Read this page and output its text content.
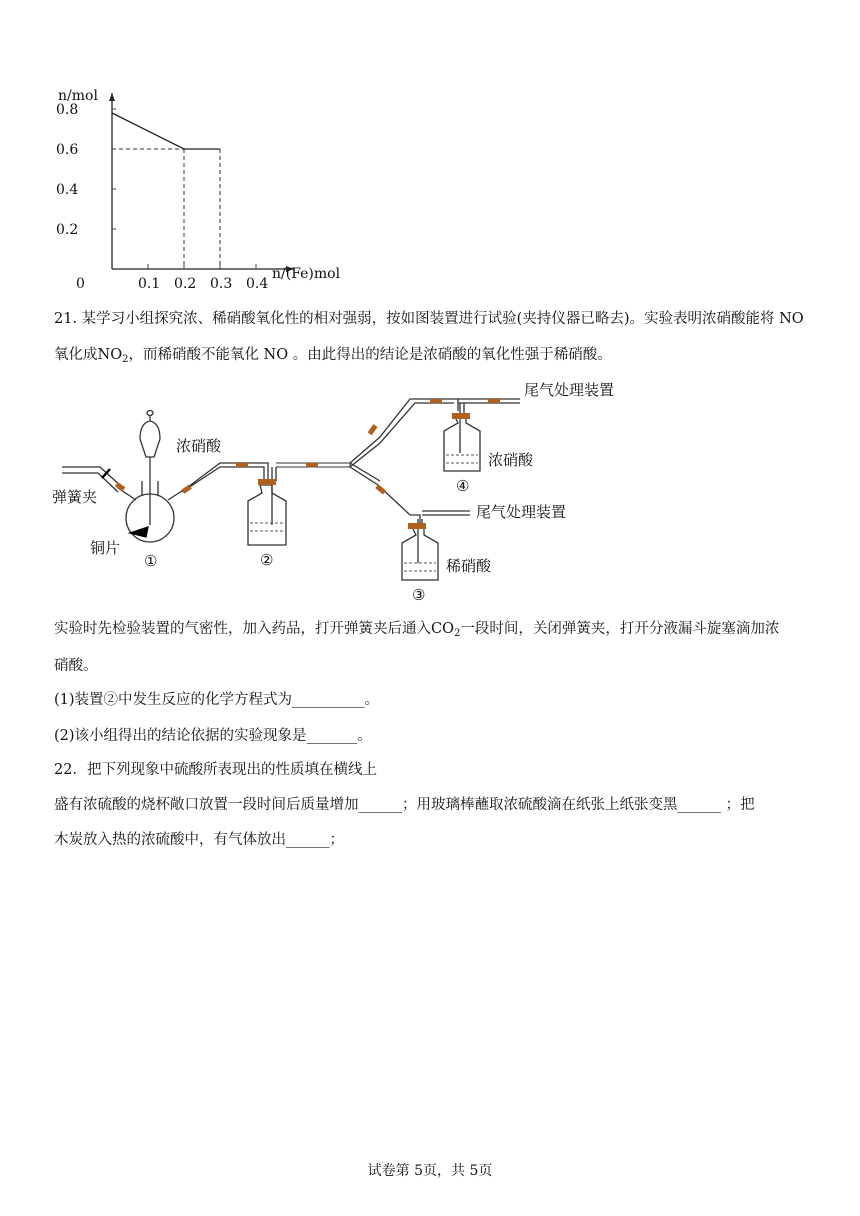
0.8
0.6
0.4
0.2
0	0.1 0.2 0.3 0.4
n/mol
n/(Fe)mol
21. 某学习小组探究浓、稀硝酸氧化性的相对强弱，按如图装置进行试验(夹持仪器已略去)。实验表明浓硝酸能将 NO
氧化成$NO_2$，而稀硝酸不能氧化 NO 。由此得出的结论是浓硝酸的氧化性强于稀硝酸。
弹簧夹
浓硝酸
铜片
浓硝酸
稀硝酸
尾气处理装置
尾气处理装置
①	②
③
④
实验时先检验装置的气密性，加入药品，打开弹簧夹后通入$CO_2$一段时间，关闭弹簧夹，打开分液漏斗旋塞滴加浓
硝酸。
(1)装置②中发生反应的化学方程式为__________。
(2)该小组得出的结论依据的实验现象是_______。
22．把下列现象中硫酸所表现出的性质填在横线上
盛有浓硫酸的烧杯敞口放置一段时间后质量增加______；用玻璃棒蘸取浓硫酸滴在纸张上纸张变黑______ ；把
木炭放入热的浓硫酸中，有气体放出______；
试卷第 5页，共 5页
